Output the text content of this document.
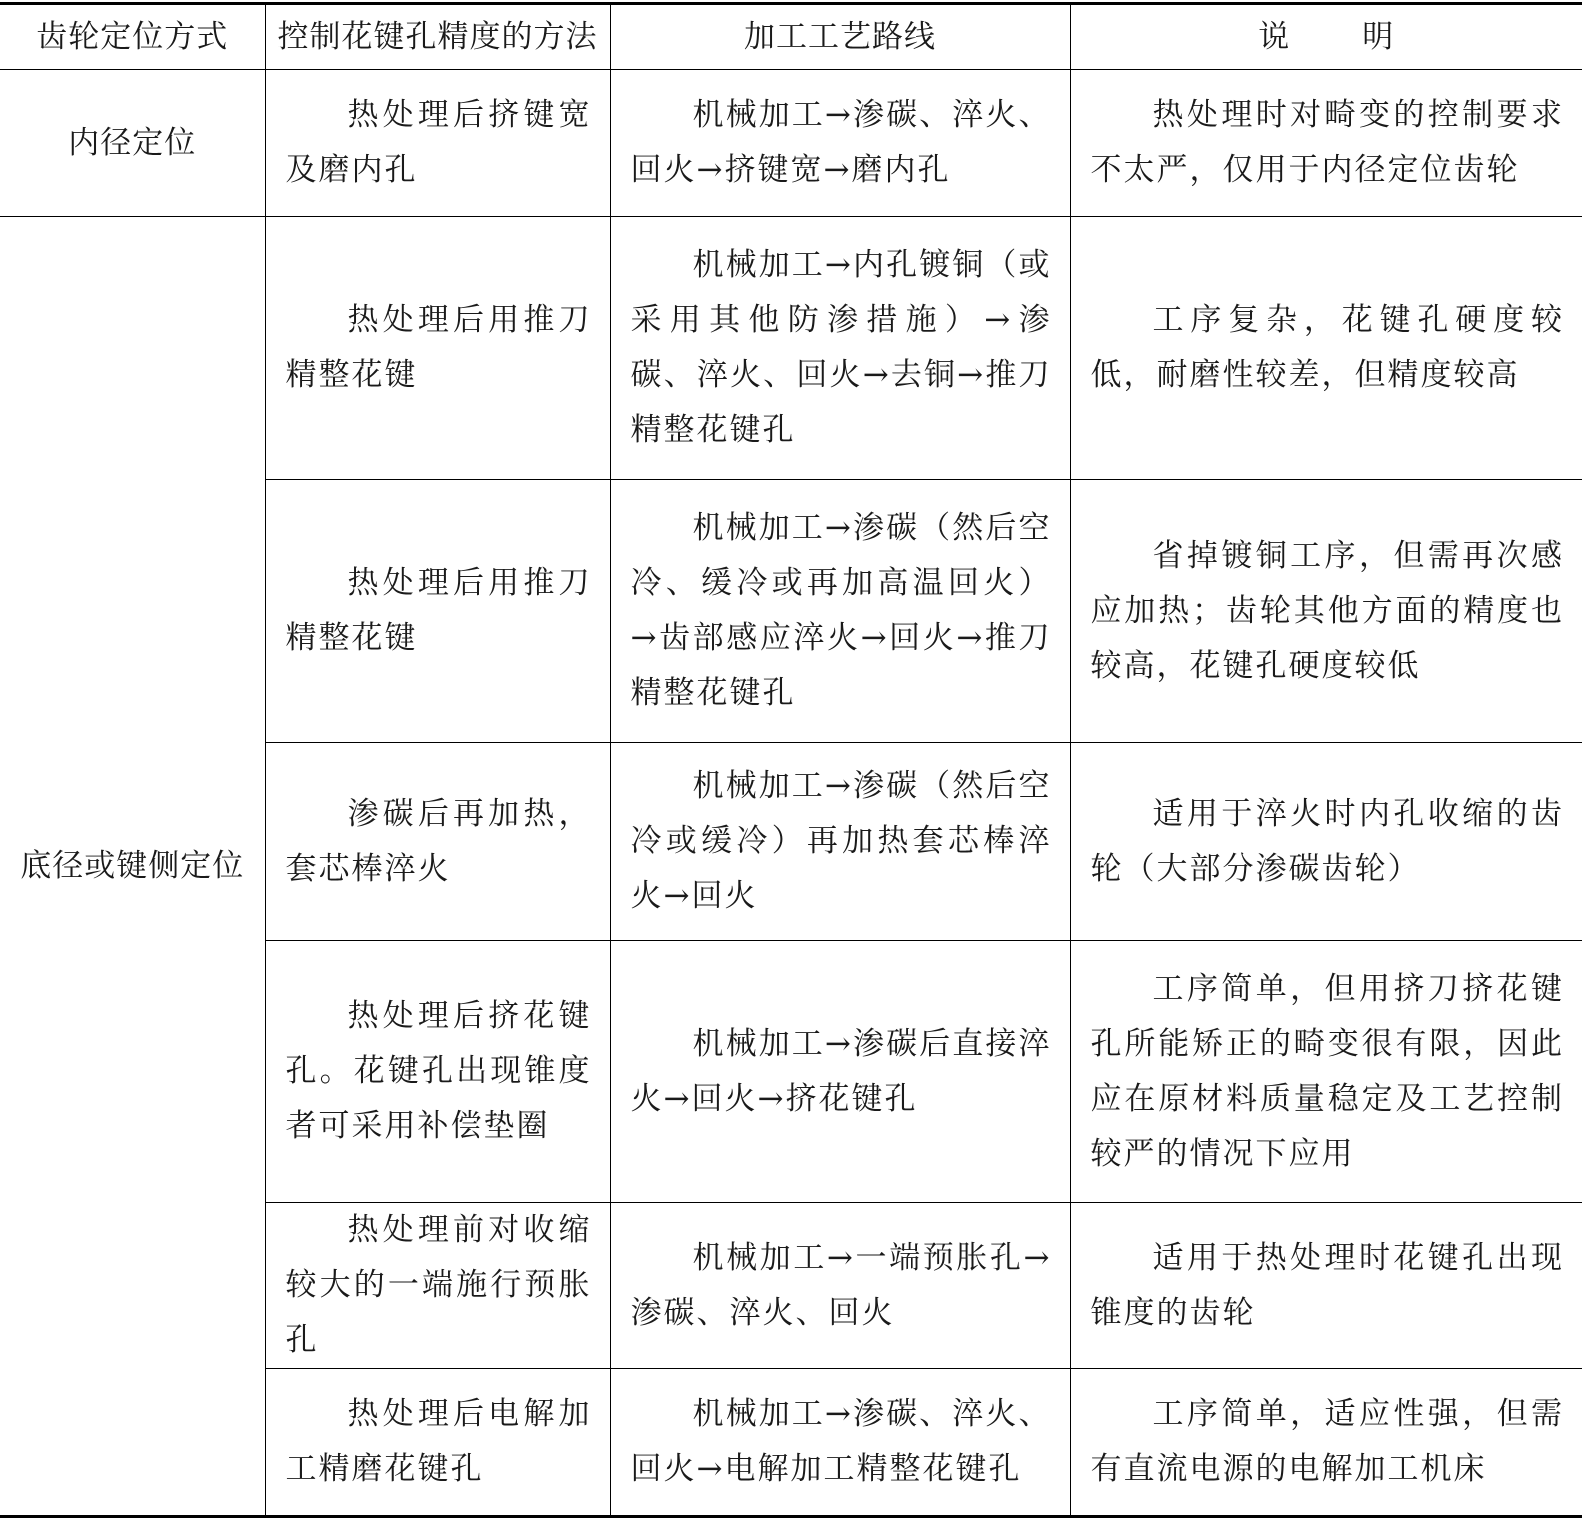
齿轮定位方式	控制花键孔精度的方法	加工工艺路线	说 明
内径定位	热处理后挤键宽及磨内孔	机械加工→渗碳、淬火、回火→挤键宽→磨内孔	热处理时对畸变的控制要求不太严，仅用于内径定位齿轮
底径或键侧定位	热处理后用推刀精整花键	机械加工→内孔镀铜（或采用其他防渗措施）→渗碳、淬火、回火→去铜→推刀精整花键孔	工序复杂，花键孔硬度较低，耐磨性较差，但精度较高
	热处理后用推刀精整花键	机械加工→渗碳（然后空冷、缓冷或再加高温回火）→齿部感应淬火→回火→推刀精整花键孔	省掉镀铜工序，但需再次感应加热；齿轮其他方面的精度也较高，花键孔硬度较低
	渗碳后再加热，套芯棒淬火	机械加工→渗碳（然后空冷或缓冷）再加热套芯棒淬火→回火	适用于淬火时内孔收缩的齿轮（大部分渗碳齿轮）
	热处理后挤花键孔。花键孔出现锥度者可采用补偿垫圈	机械加工→渗碳后直接淬火→回火→挤花键孔	工序简单，但用挤刀挤花键孔所能矫正的畸变很有限，因此应在原材料质量稳定及工艺控制较严的情况下应用
	热处理前对收缩较大的一端施行预胀孔	机械加工→一端预胀孔→渗碳、淬火、回火	适用于热处理时花键孔出现锥度的齿轮
	热处理后电解加工精磨花键孔	机械加工→渗碳、淬火、回火→电解加工精整花键孔	工序简单，适应性强，但需有直流电源的电解加工机床
